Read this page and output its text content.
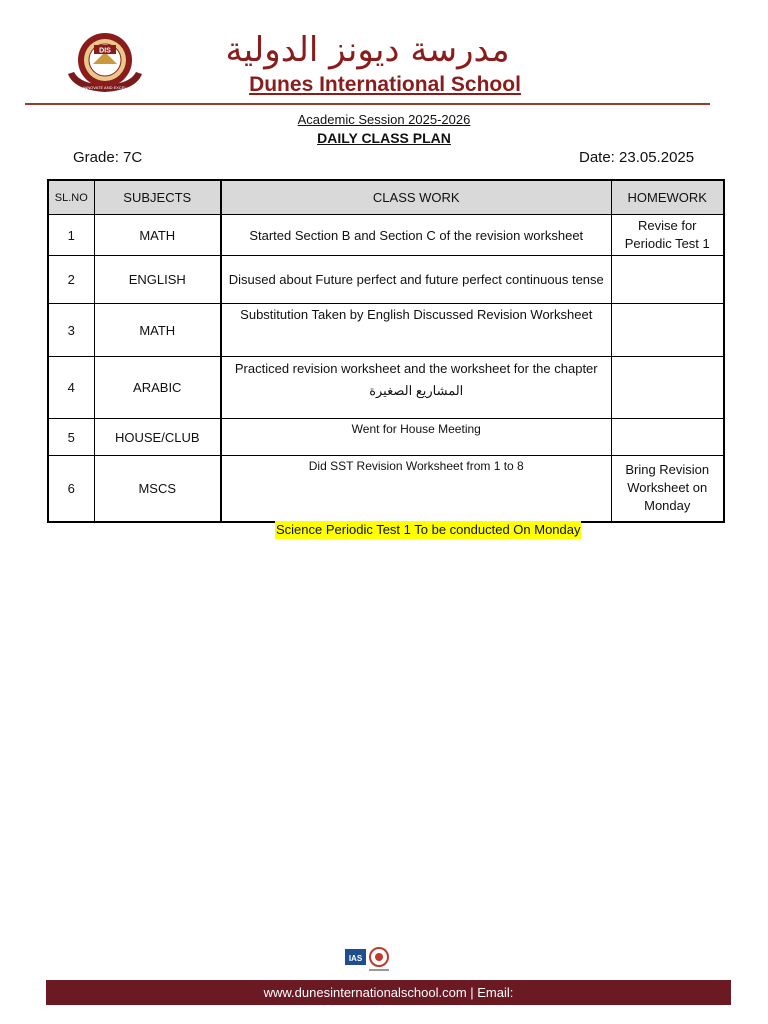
DIS
INNOVATE AND EXCEL
مدرسة ديونز الدولية
Dunes International School
Academic Session 2025-2026
DAILY CLASS PLAN
Grade: 7C	Date: 23.05.2025
SL.NO	SUBJECTS	CLASS WORK	HOMEWORK
1	MATH	Started Section B and Section C of the revision worksheet	Revise for Periodic Test 1
2	ENGLISH	Disused about Future perfect and future perfect continuous tense	
3	MATH	Substitution Taken by English Discussed Revision Worksheet	
4	ARABIC	Practiced revision worksheet and the worksheet for the chapter المشاريع الصغيرة	
5	HOUSE/CLUB	Went for House Meeting	
6	MSCS	Did SST Revision Worksheet from 1 to 8	Bring Revision Worksheet on Monday
Science Periodic Test 1 To be conducted On Monday
IAS
www.dunesinternationalschool.com | Email:
